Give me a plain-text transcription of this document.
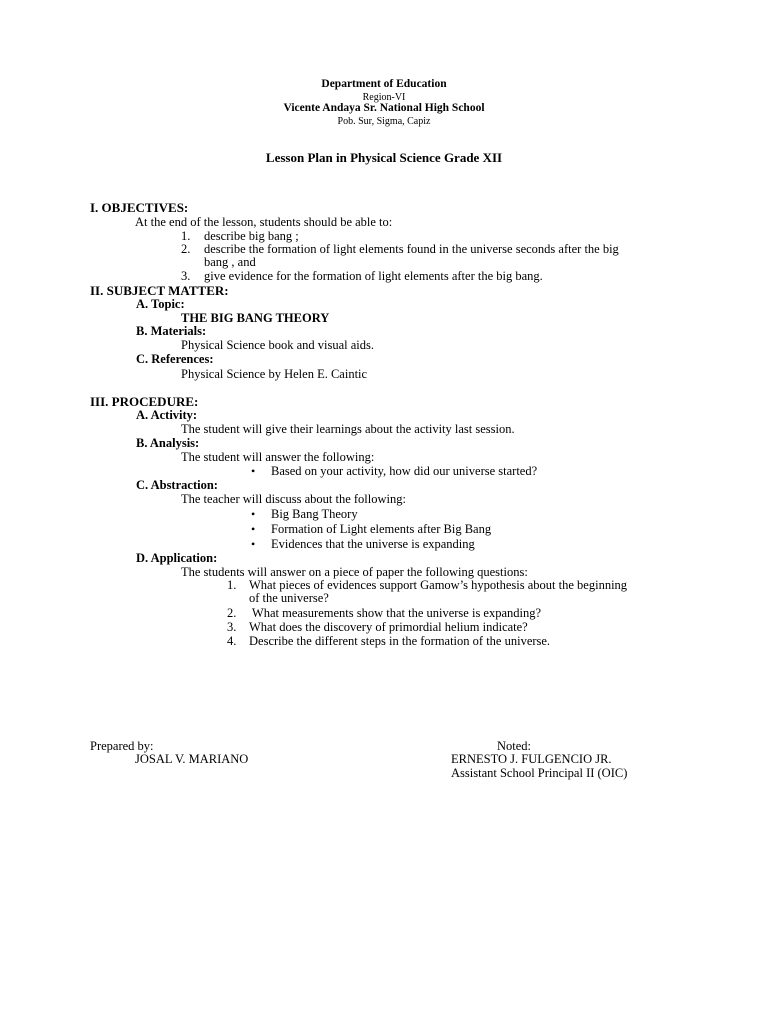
Department of Education
Region-VI
Vicente Andaya Sr. National High School
Pob. Sur, Sigma, Capiz
Lesson Plan in Physical Science Grade XII
I. OBJECTIVES:
At the end of the lesson, students should be able to:
1. describe big bang ;
2. describe the formation of light elements found in the universe seconds after the big
bang , and
3. give evidence for the formation of light elements after the big bang.
II. SUBJECT MATTER:
A. Topic:
THE BIG BANG THEORY
B. Materials:
Physical Science book and visual aids.
C. References:
Physical Science by Helen E. Caintic
III. PROCEDURE:
A. Activity:
The student will give their learnings about the activity last session.
B. Analysis:
The student will answer the following:
• Based on your activity, how did our universe started?
C. Abstraction:
The teacher will discuss about the following:
• Big Bang Theory
• Formation of Light elements after Big Bang
• Evidences that the universe is expanding
D. Application:
The students will answer on a piece of paper the following questions:
1. What pieces of evidences support Gamow’s hypothesis about the beginning
of the universe?
2. What measurements show that the universe is expanding?
3. What does the discovery of primordial helium indicate?
4. Describe the different steps in the formation of the universe.
Prepared by:
JOSAL V. MARIANO
Noted:
ERNESTO J. FULGENCIO JR.
Assistant School Principal II (OIC)
